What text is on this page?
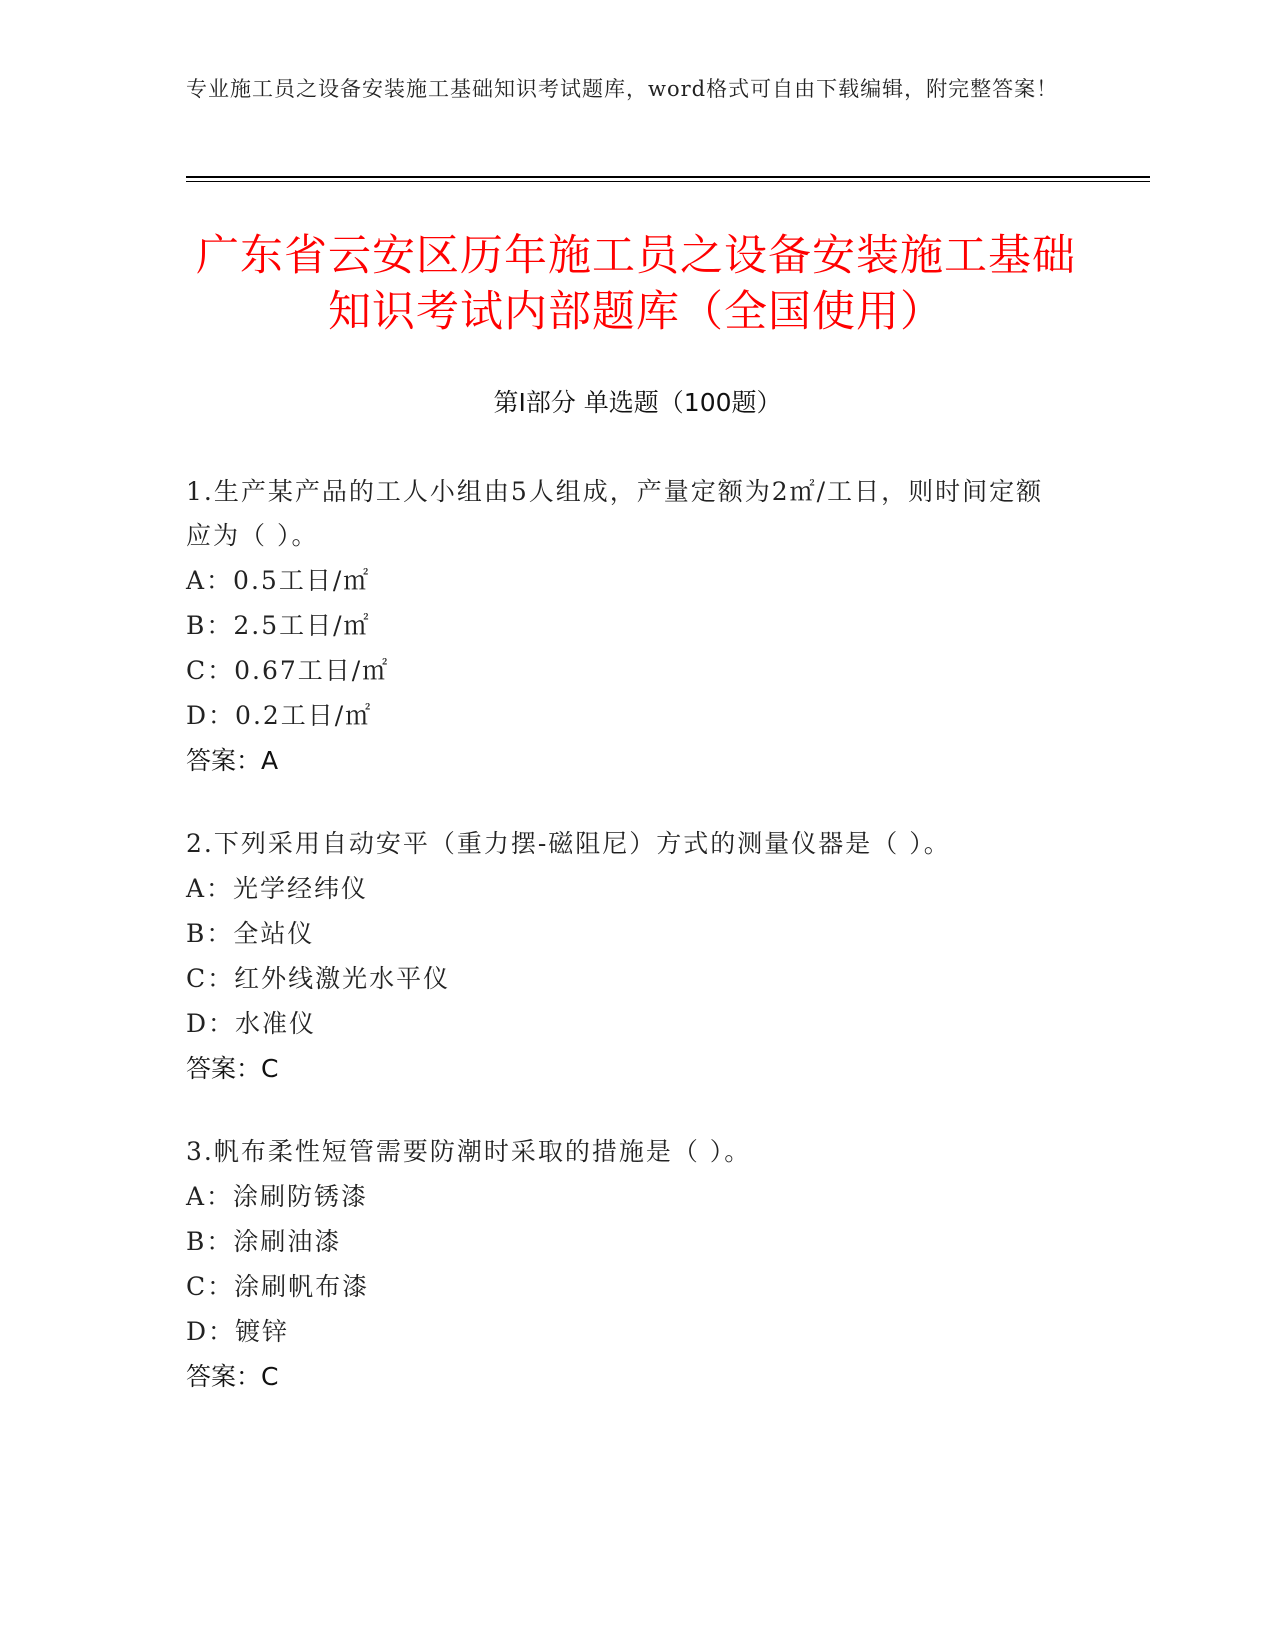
专业施工员之设备安装施工基础知识考试题库，word格式可自由下载编辑，附完整答案！
广东省云安区历年施工员之设备安装施工基础知识考试内部题库（全国使用）
第Ⅰ部分 单选题（100题）

1.生产某产品的工人小组由5人组成，产量定额为2㎡/工日，则时间定额应为（ ）。

A：0.5工日/㎡

B：2.5工日/㎡

C：0.67工日/㎡

D：0.2工日/㎡

答案：A

2.下列采用自动安平（重力摆-磁阻尼）方式的测量仪器是（ ）。

A：光学经纬仪

B：全站仪

C：红外线激光水平仪

D：水准仪

答案：C

3.帆布柔性短管需要防潮时采取的措施是（ ）。

A：涂刷防锈漆

B：涂刷油漆

C：涂刷帆布漆

D：镀锌

答案：C
